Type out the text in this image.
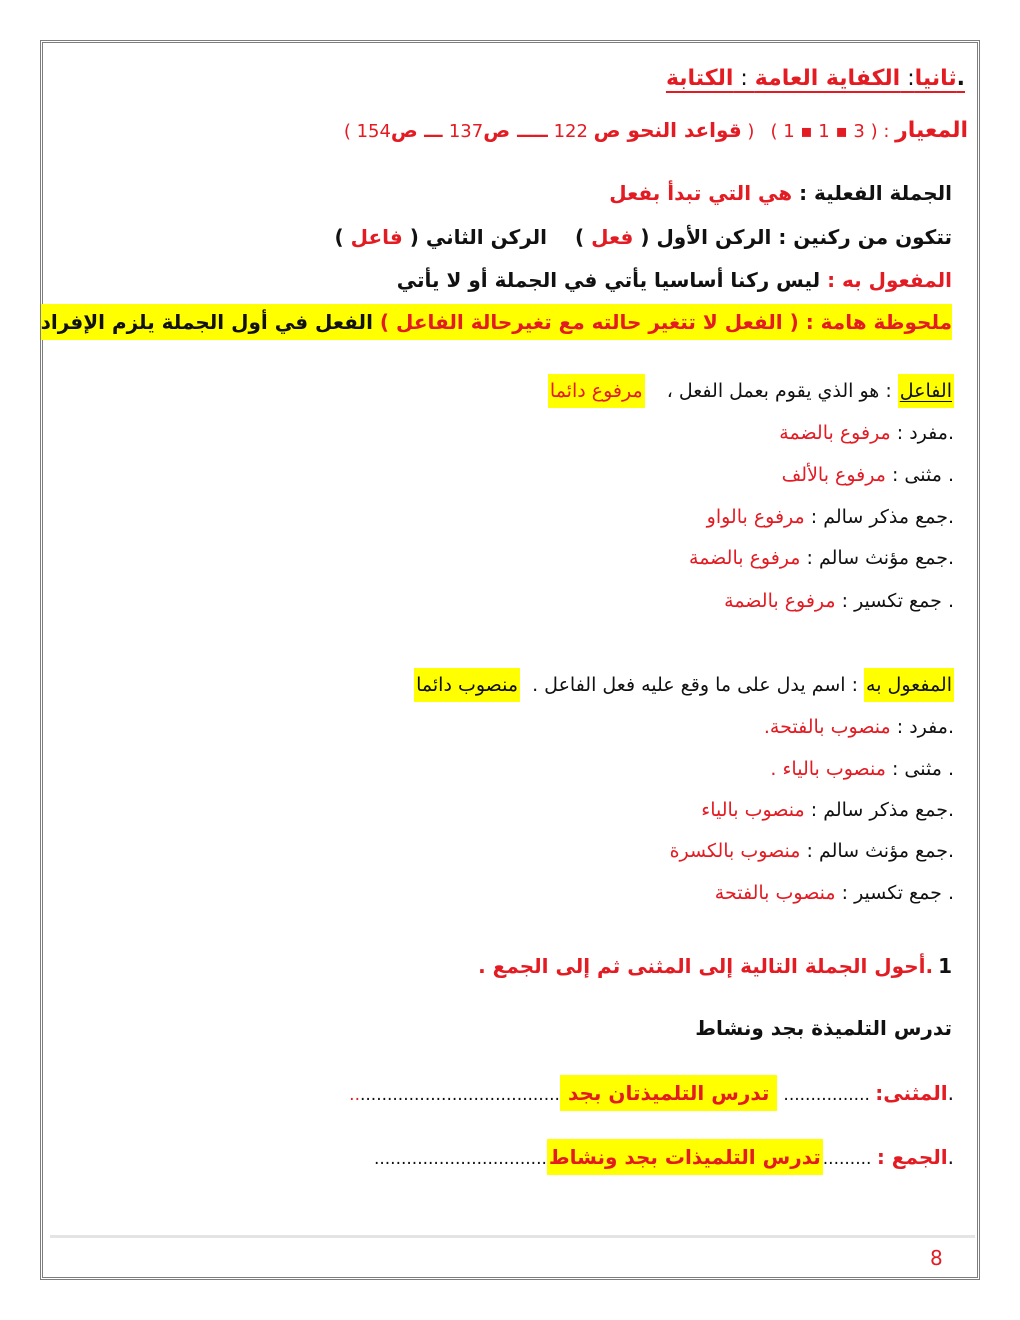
.ثانيا: الكفاية العامة : الكتابة
المعيار : ( 3 ▪ 1 ▪ 1 )( قواعد النحو ص 122 ـــــ ص137 ـــ ص154 )
الجملة الفعلية : هي التي تبدأ بفعل
تتكون من ركنين : الركن الأول ( فعل )الركن الثاني ( فاعل )
المفعول به : ليس ركنا أساسيا يأتي في الجملة أو لا يأتي
ملحوظة هامة : ( الفعل لا تتغير حالته مع تغيرحالة الفاعل ) الفعل في أول الجملة يلزم الإفراد
الفاعل : هو الذي يقوم بعمل الفعل ، مرفوع دائما
.مفرد : مرفوع بالضمة
. مثنى : مرفوع بالألف
.جمع مذكر سالم : مرفوع بالواو
.جمع مؤنث سالم : مرفوع بالضمة
. جمع تكسير : مرفوع بالضمة
المفعول به : اسم يدل على ما وقع عليه فعل الفاعل . منصوب دائما
.مفرد : منصوب بالفتحة.
. مثنى : منصوب بالياء .
.جمع مذكر سالم : منصوب بالياء
.جمع مؤنث سالم : منصوب بالكسرة
. جمع تكسير : منصوب بالفتحة
1.أحول الجملة التالية إلى المثنى ثم إلى الجمع .
تدرس التلميذة بجد ونشاط
.المثنى: ................تدرس التلميذتان بجد.......................................
.الجمع : .........تدرس التلميذات بجد ونشاط................................
8
